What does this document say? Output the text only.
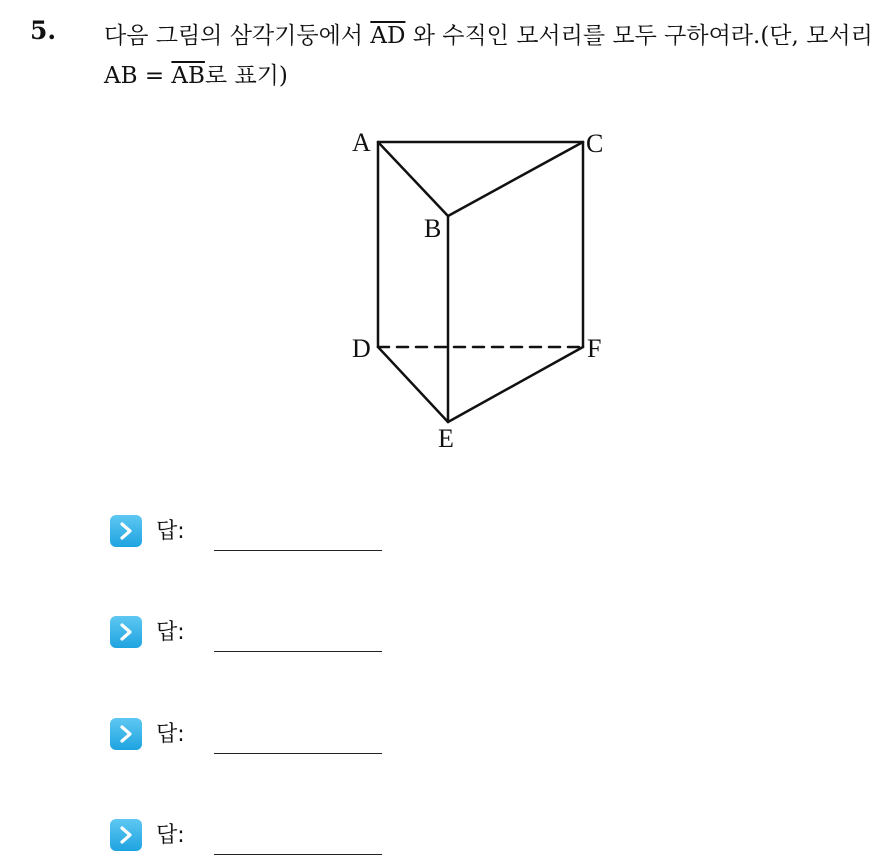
5. 다음 그림의 삼각기둥에서 $\overline{AD}$ 와 수직인 모서리를 모두 구하여라.(단, 모서리 AB = $\overline{AB}$로 표기)
A	C
B
D	F
E
답:
답:
답:
답:
